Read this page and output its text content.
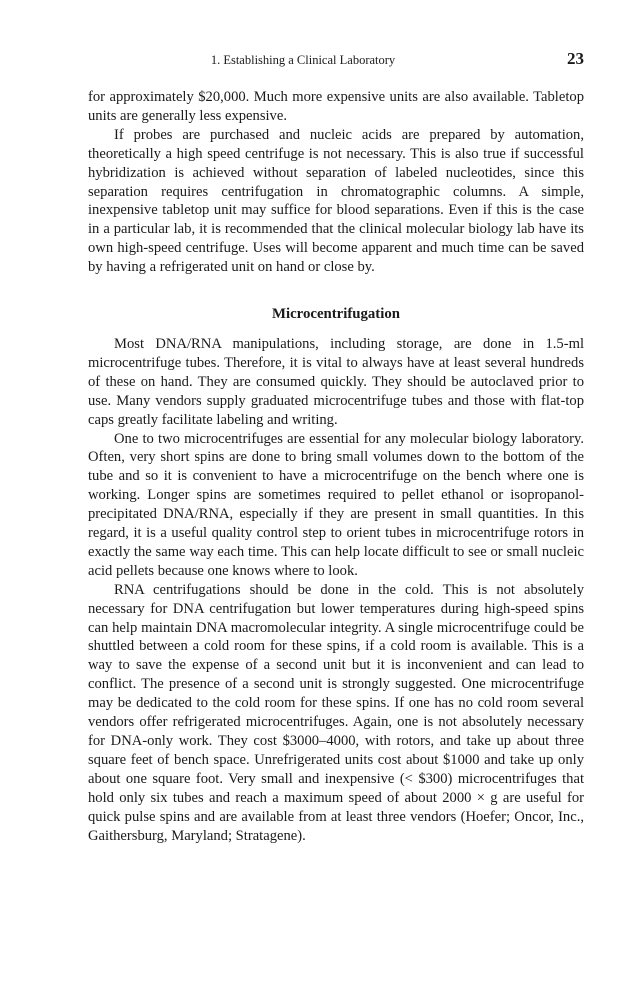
1. Establishing a Clinical Laboratory	23

for approximately $20,000. Much more expensive units are also available. Tabletop units are generally less expensive.

If probes are purchased and nucleic acids are prepared by automation, theoretically a high speed centrifuge is not necessary. This is also true if successful hybridization is achieved without separation of labeled nucleotides, since this separation requires centrifugation in chromatographic columns. A simple, inexpensive tabletop unit may suffice for blood separations. Even if this is the case in a particular lab, it is recommended that the clinical molecular biology lab have its own high-speed centrifuge. Uses will become apparent and much time can be saved by having a refrigerated unit on hand or close by.

Microcentrifugation

Most DNA/RNA manipulations, including storage, are done in 1.5-ml microcentrifuge tubes. Therefore, it is vital to always have at least several hundreds of these on hand. They are consumed quickly. They should be autoclaved prior to use. Many vendors supply graduated microcentrifuge tubes and those with flat-top caps greatly facilitate labeling and writing.

One to two microcentrifuges are essential for any molecular biology laboratory. Often, very short spins are done to bring small volumes down to the bottom of the tube and so it is convenient to have a microcentrifuge on the bench where one is working. Longer spins are sometimes required to pellet ethanol or isopropanol-precipitated DNA/RNA, especially if they are present in small quantities. In this regard, it is a useful quality control step to orient tubes in microcentrifuge rotors in exactly the same way each time. This can help locate difficult to see or small nucleic acid pellets because one knows where to look.

RNA centrifugations should be done in the cold. This is not absolutely necessary for DNA centrifugation but lower temperatures during high-speed spins can help maintain DNA macromolecular integrity. A single microcentrifuge could be shuttled between a cold room for these spins, if a cold room is available. This is a way to save the expense of a second unit but it is inconvenient and can lead to conflict. The presence of a second unit is strongly suggested. One microcentrifuge may be dedicated to the cold room for these spins. If one has no cold room several vendors offer refrigerated microcentrifuges. Again, one is not absolutely necessary for DNA-only work. They cost $3000–4000, with rotors, and take up about three square feet of bench space. Unrefrigerated units cost about $1000 and take up only about one square foot. Very small and inexpensive (< $300) microcentrifuges that hold only six tubes and reach a maximum speed of about 2000 × g are useful for quick pulse spins and are available from at least three vendors (Hoefer; Oncor, Inc., Gaithersburg, Maryland; Stratagene).
